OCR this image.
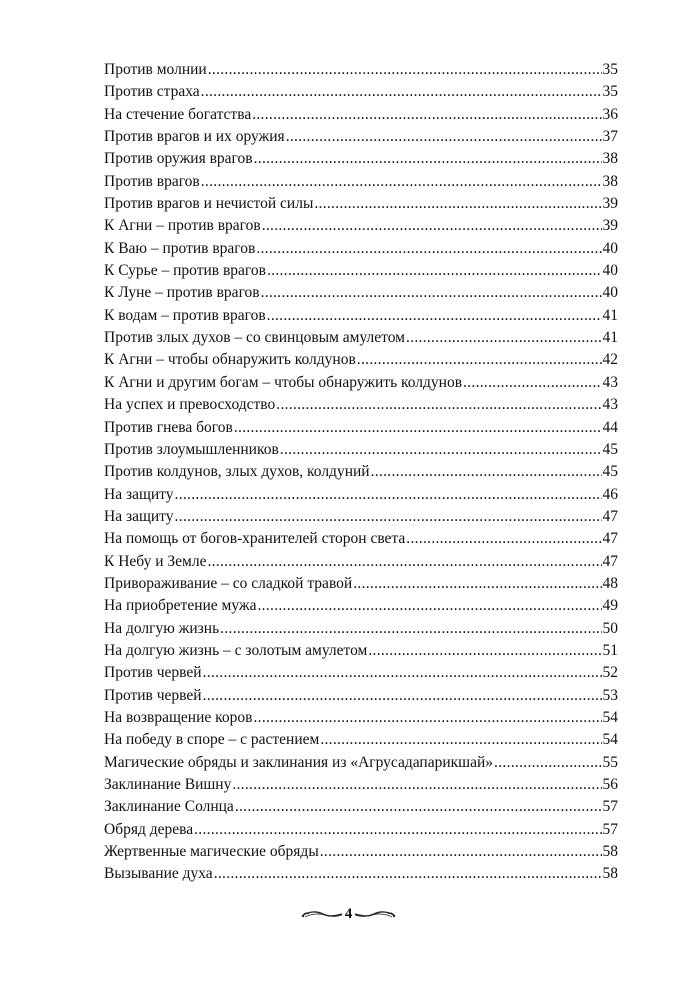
Против молнии .....	35
Против страха .....	35
На стечение богатства .....	36
Против врагов и их оружия .....	37
Против оружия врагов .....	38
Против врагов .....	38
Против врагов и нечистой силы .....	39
К Агни – против врагов .....	39
К Ваю – против врагов .....	40
К Сурье – против врагов .....	40
К Луне – против врагов .....	40
К водам – против врагов .....	41
Против злых духов – со свинцовым амулетом .....	41
К Агни – чтобы обнаружить колдунов .....	42
К Агни и другим богам – чтобы обнаружить колдунов .....	43
На успех и превосходство .....	43
Против гнева богов .....	44
Против злоумышленников .....	45
Против колдунов, злых духов, колдуний .....	45
На защиту .....	46
На защиту .....	47
На помощь от богов-хранителей сторон света .....	47
К Небу и Земле .....	47
Привораживание – со сладкой травой .....	48
На приобретение мужа .....	49
На долгую жизнь .....	50
На долгую жизнь – с золотым амулетом .....	51
Против червей .....	52
Против червей .....	53
На возвращение коров .....	54
На победу в споре – с растением .....	54
Магические обряды и заклинания из «Агрусадапарикшай» .....	55
Заклинание Вишну .....	56
Заклинание Солнца .....	57
Обряд дерева .....	57
Жертвенные магические обряды .....	58
Вызывание духа .....	58
4
